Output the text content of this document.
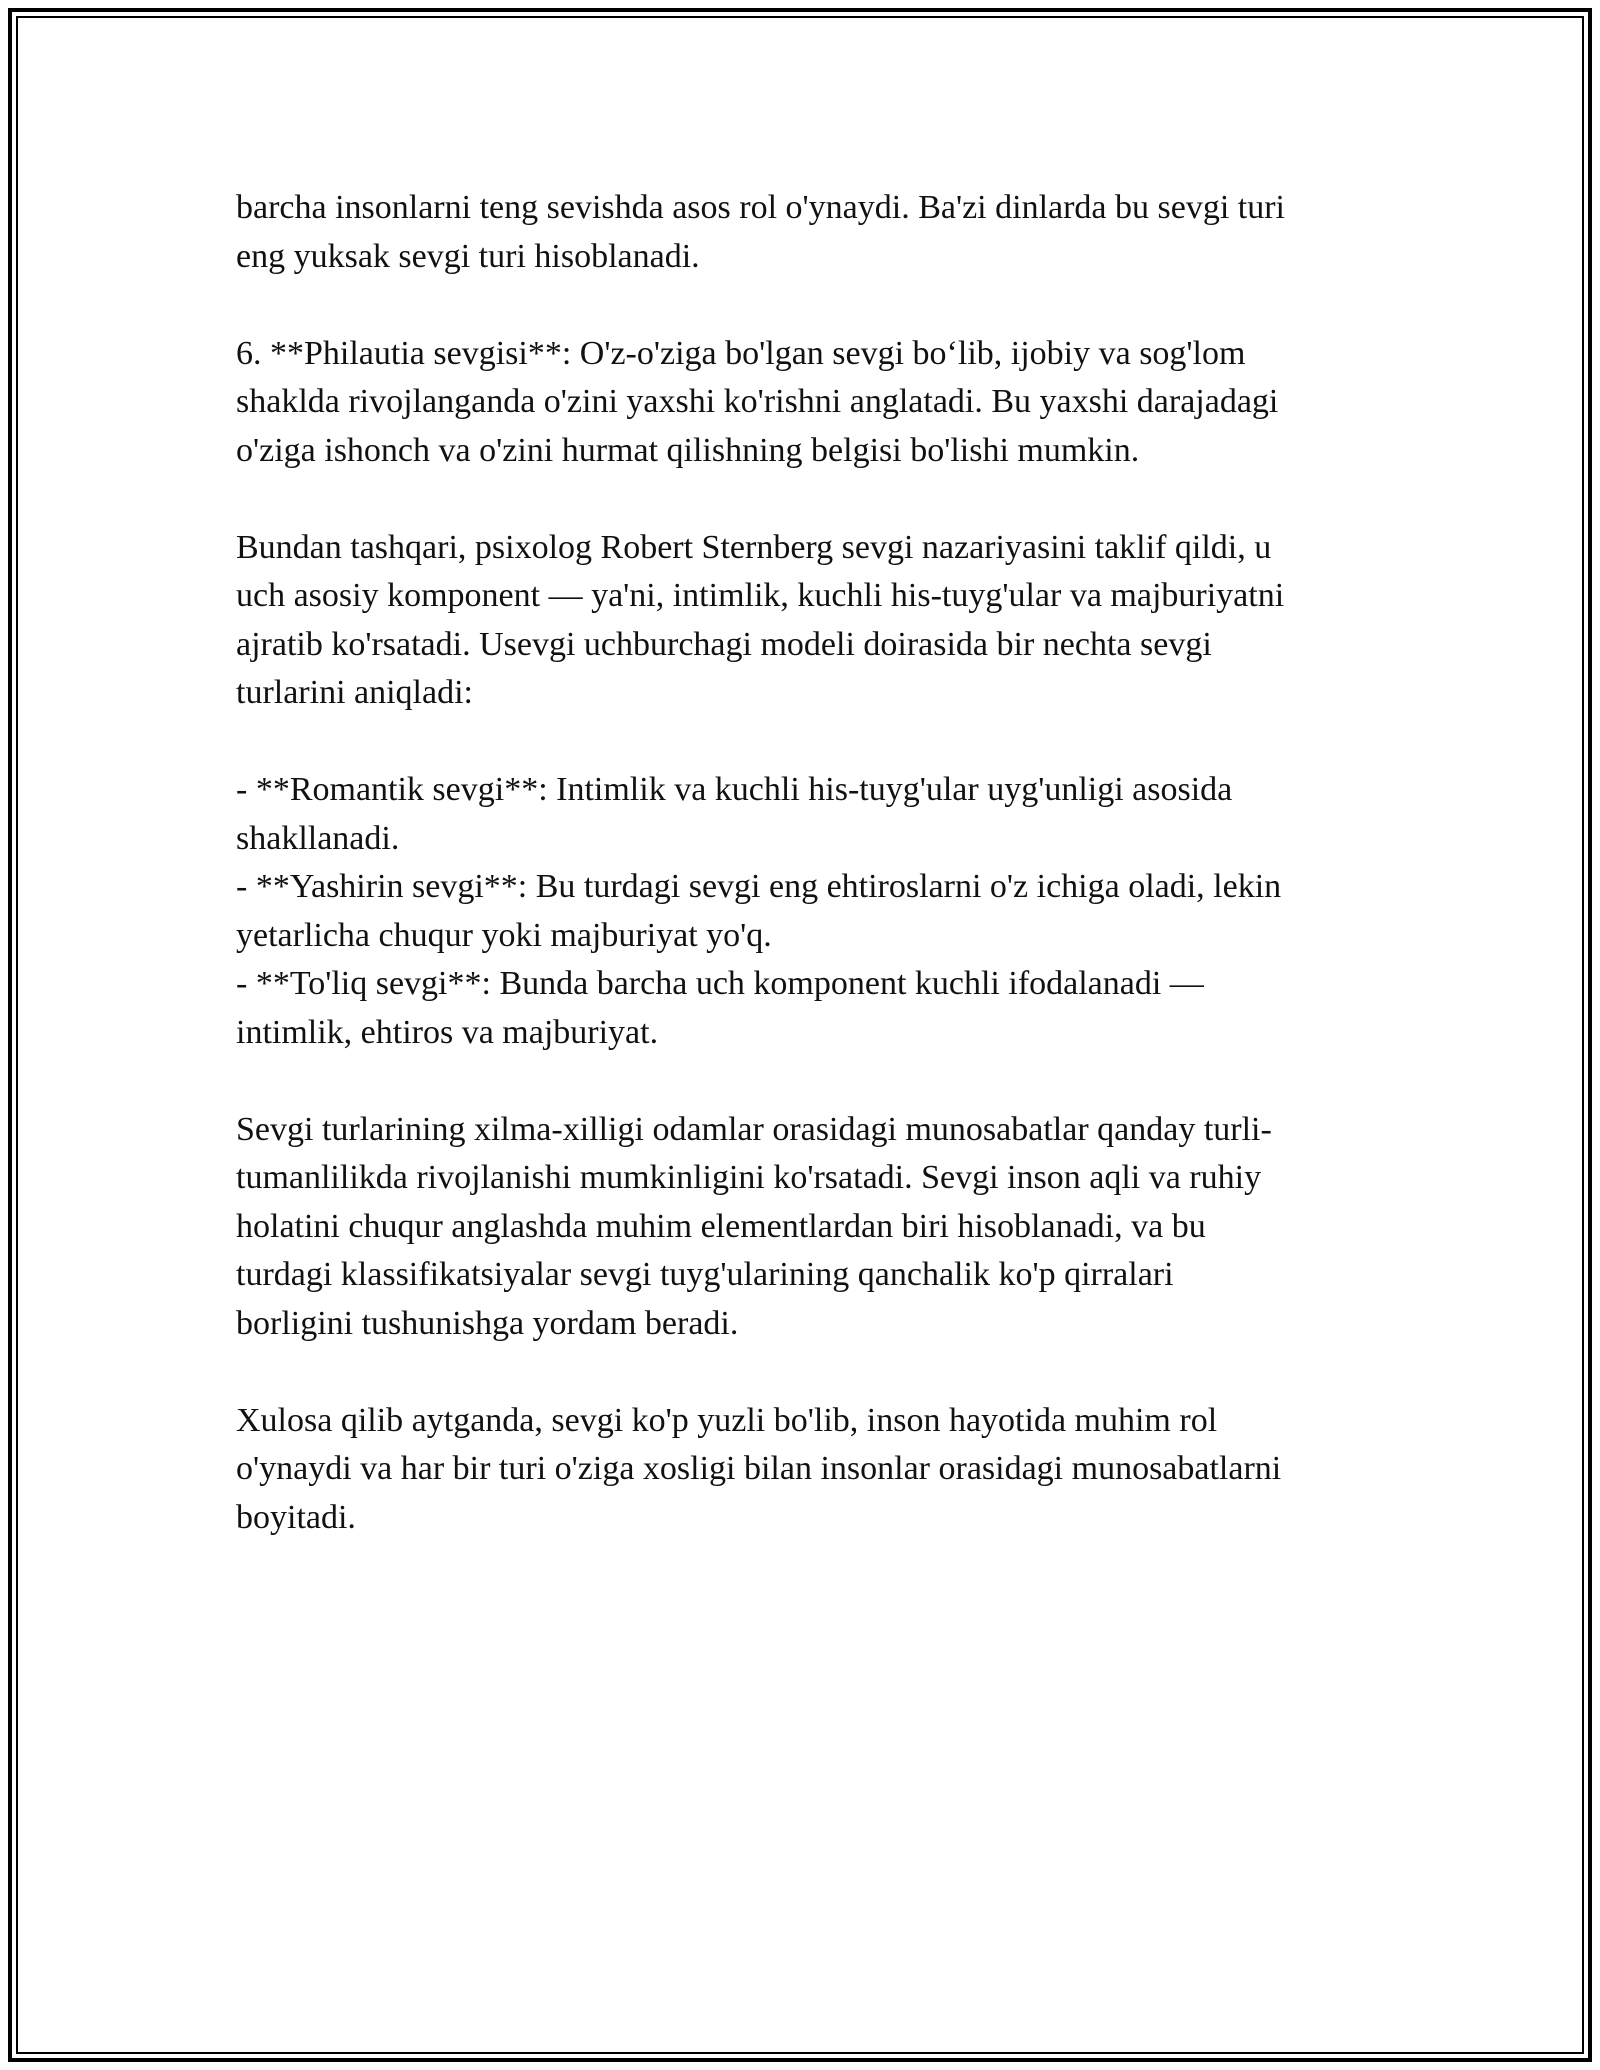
barcha insonlarni teng sevishda asos rol o'ynaydi. Ba'zi dinlarda bu sevgi turi
eng yuksak sevgi turi hisoblanadi.

6. **Philautia sevgisi**: O'z-o'ziga bo'lgan sevgi bo‘lib, ijobiy va sog'lom
shaklda rivojlanganda o'zini yaxshi ko'rishni anglatadi. Bu yaxshi darajadagi
o'ziga ishonch va o'zini hurmat qilishning belgisi bo'lishi mumkin.

Bundan tashqari, psixolog Robert Sternberg sevgi nazariyasini taklif qildi, u
uch asosiy komponent — ya'ni, intimlik, kuchli his-tuyg'ular va majburiyatni
ajratib ko'rsatadi. Usevgi uchburchagi modeli doirasida bir nechta sevgi
turlarini aniqladi:

- **Romantik sevgi**: Intimlik va kuchli his-tuyg'ular uyg'unligi asosida
shakllanadi.

- **Yashirin sevgi**: Bu turdagi sevgi eng ehtiroslarni o'z ichiga oladi, lekin
yetarlicha chuqur yoki majburiyat yo'q.

- **To'liq sevgi**: Bunda barcha uch komponent kuchli ifodalanadi —
intimlik, ehtiros va majburiyat.

Sevgi turlarining xilma-xilligi odamlar orasidagi munosabatlar qanday turli-
tumanlilikda rivojlanishi mumkinligini ko'rsatadi. Sevgi inson aqli va ruhiy
holatini chuqur anglashda muhim elementlardan biri hisoblanadi, va bu
turdagi klassifikatsiyalar sevgi tuyg'ularining qanchalik ko'p qirralari
borligini tushunishga yordam beradi.

Xulosa qilib aytganda, sevgi ko'p yuzli bo'lib, inson hayotida muhim rol
o'ynaydi va har bir turi o'ziga xosligi bilan insonlar orasidagi munosabatlarni
boyitadi.
